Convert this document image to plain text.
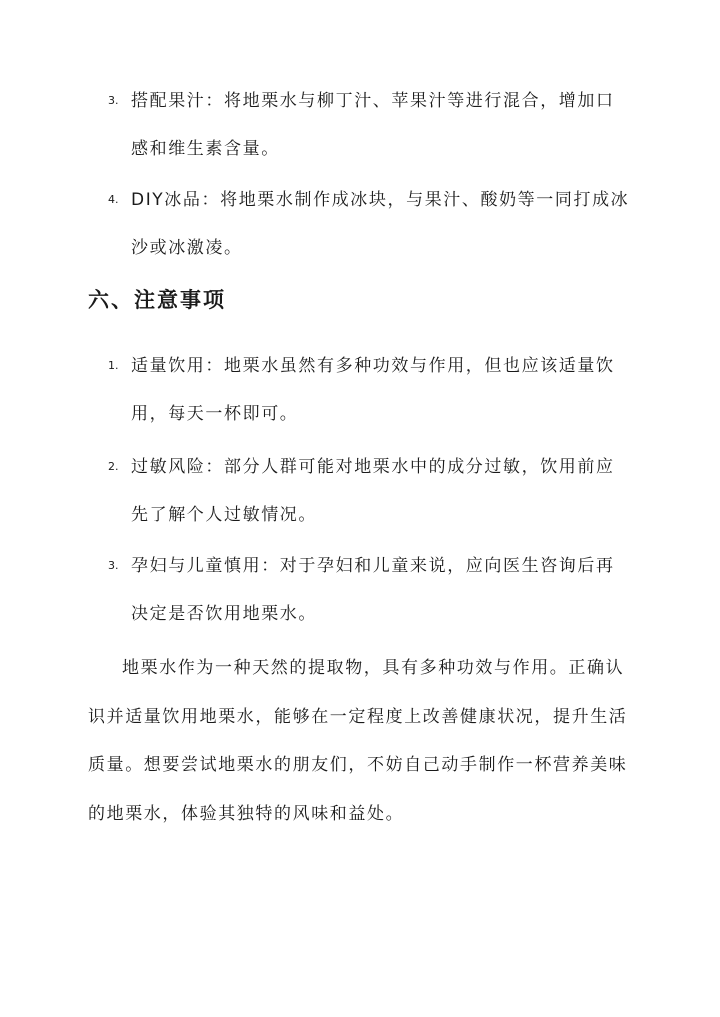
3. 搭配果汁：将地栗水与柳丁汁、苹果汁等进行混合，增加口
感和维生素含量。
4. DIY冰品：将地栗水制作成冰块，与果汁、酸奶等一同打成冰
沙或冰激凌。
六、注意事项
1. 适量饮用：地栗水虽然有多种功效与作用，但也应该适量饮
用，每天一杯即可。
2. 过敏风险：部分人群可能对地栗水中的成分过敏，饮用前应
先了解个人过敏情况。
3. 孕妇与儿童慎用：对于孕妇和儿童来说，应向医生咨询后再
决定是否饮用地栗水。
地栗水作为一种天然的提取物，具有多种功效与作用。正确认
识并适量饮用地栗水，能够在一定程度上改善健康状况，提升生活
质量。想要尝试地栗水的朋友们，不妨自己动手制作一杯营养美味
的地栗水，体验其独特的风味和益处。
